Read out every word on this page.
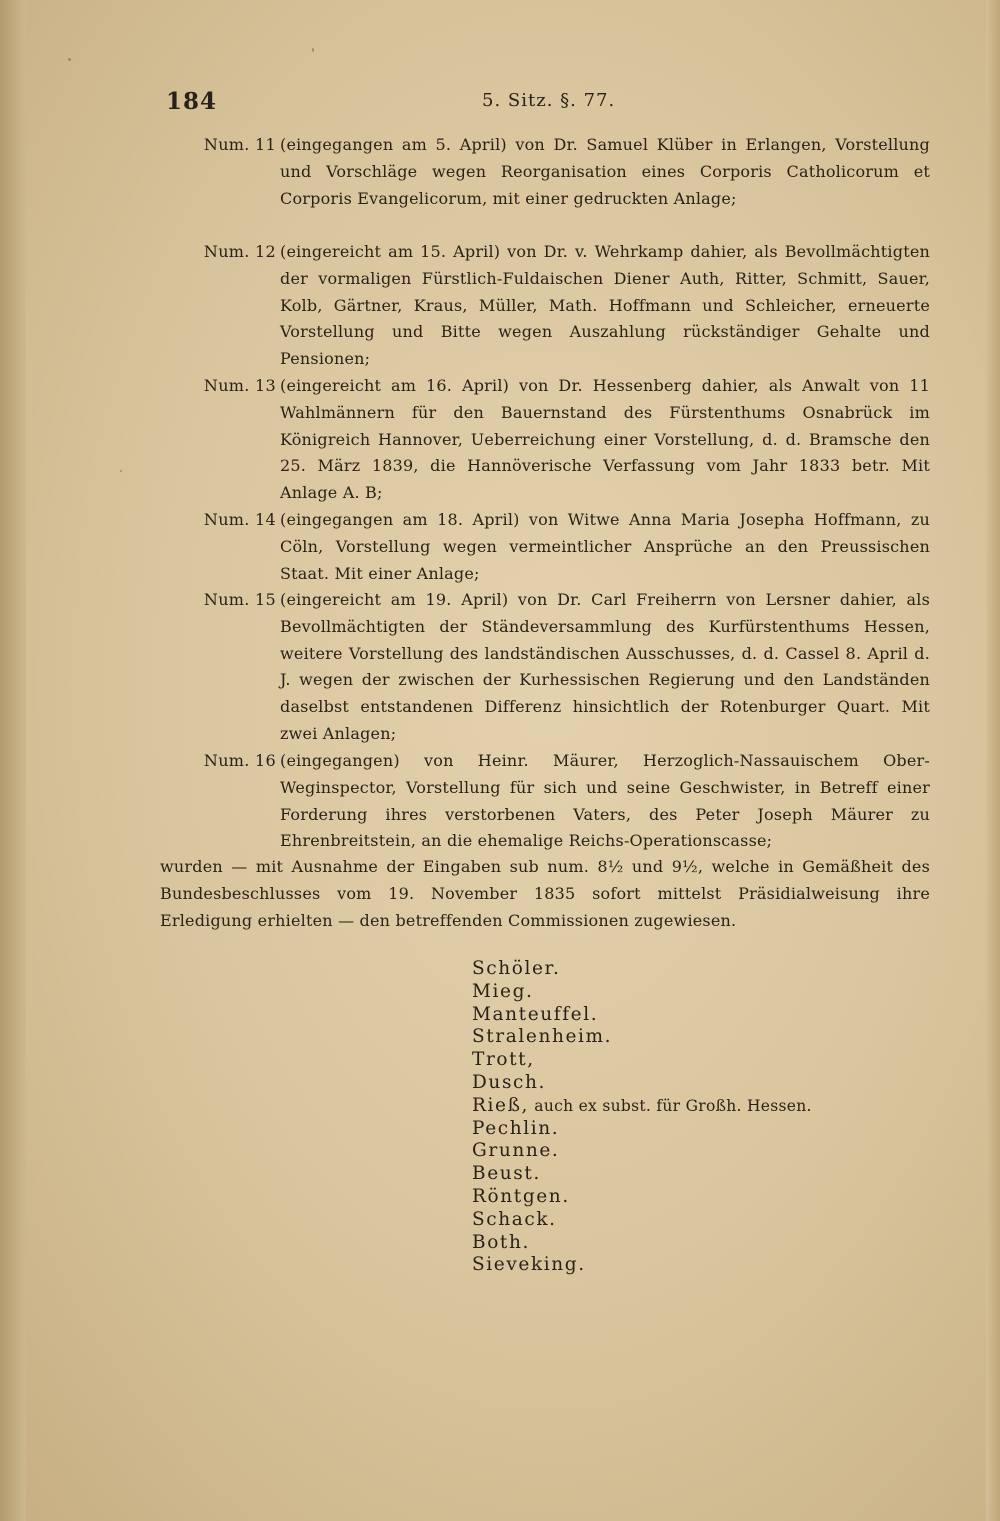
184	5. Sitz. §. 77.
Num. 11 (eingegangen am 5. April) von Dr. Samuel Klüber in Erlangen, Vorstellung und Vorschläge wegen Reorganisation eines Corporis Catholicorum et Corporis Evangelicorum, mit einer gedruckten Anlage;
Num. 12 (eingereicht am 15. April) von Dr. v. Wehrkamp dahier, als Bevollmächtigten der vormaligen Fürstlich-Fuldaischen Diener Auth, Ritter, Schmitt, Sauer, Kolb, Gärtner, Kraus, Müller, Math. Hoffmann und Schleicher, erneuerte Vorstellung und Bitte wegen Auszahlung rückständiger Gehalte und Pensionen;
Num. 13 (eingereicht am 16. April) von Dr. Hessenberg dahier, als Anwalt von 11 Wahlmännern für den Bauernstand des Fürstenthums Osnabrück im Königreich Hannover, Ueberreichung einer Vorstellung, d. d. Bramsche den 25. März 1839, die Hannöverische Verfassung vom Jahr 1833 betr. Mit Anlage A. B;
Num. 14 (eingegangen am 18. April) von Witwe Anna Maria Josepha Hoffmann, zu Cöln, Vorstellung wegen vermeintlicher Ansprüche an den Preussischen Staat. Mit einer Anlage;
Num. 15 (eingereicht am 19. April) von Dr. Carl Freiherrn von Lersner dahier, als Bevollmächtigten der Ständeversammlung des Kurfürstenthums Hessen, weitere Vorstellung des landständischen Ausschusses, d. d. Cassel 8. April d. J. wegen der zwischen der Kurhessischen Regierung und den Landständen daselbst entstandenen Differenz hinsichtlich der Rotenburger Quart. Mit zwei Anlagen;
Num. 16 (eingegangen) von Heinr. Mäurer, Herzoglich-Nassauischem Ober-Weginspector, Vorstellung für sich und seine Geschwister, in Betreff einer Forderung ihres verstorbenen Vaters, des Peter Joseph Mäurer zu Ehrenbreitstein, an die ehemalige Reichs-Operationscasse;
wurden — mit Ausnahme der Eingaben sub num. 8½ und 9½, welche in Gemäßheit des Bundesbeschlusses vom 19. November 1835 sofort mittelst Präsidialweisung ihre Erledigung erhielten — den betreffenden Commissionen zugewiesen.
Schöler.
Mieg.
Manteuffel.
Stralenheim.
Trott,
Dusch.
Rieß, auch ex subst. für Großh. Hessen.
Pechlin.
Grunne.
Beust.
Röntgen.
Schack.
Both.
Sieveking.
